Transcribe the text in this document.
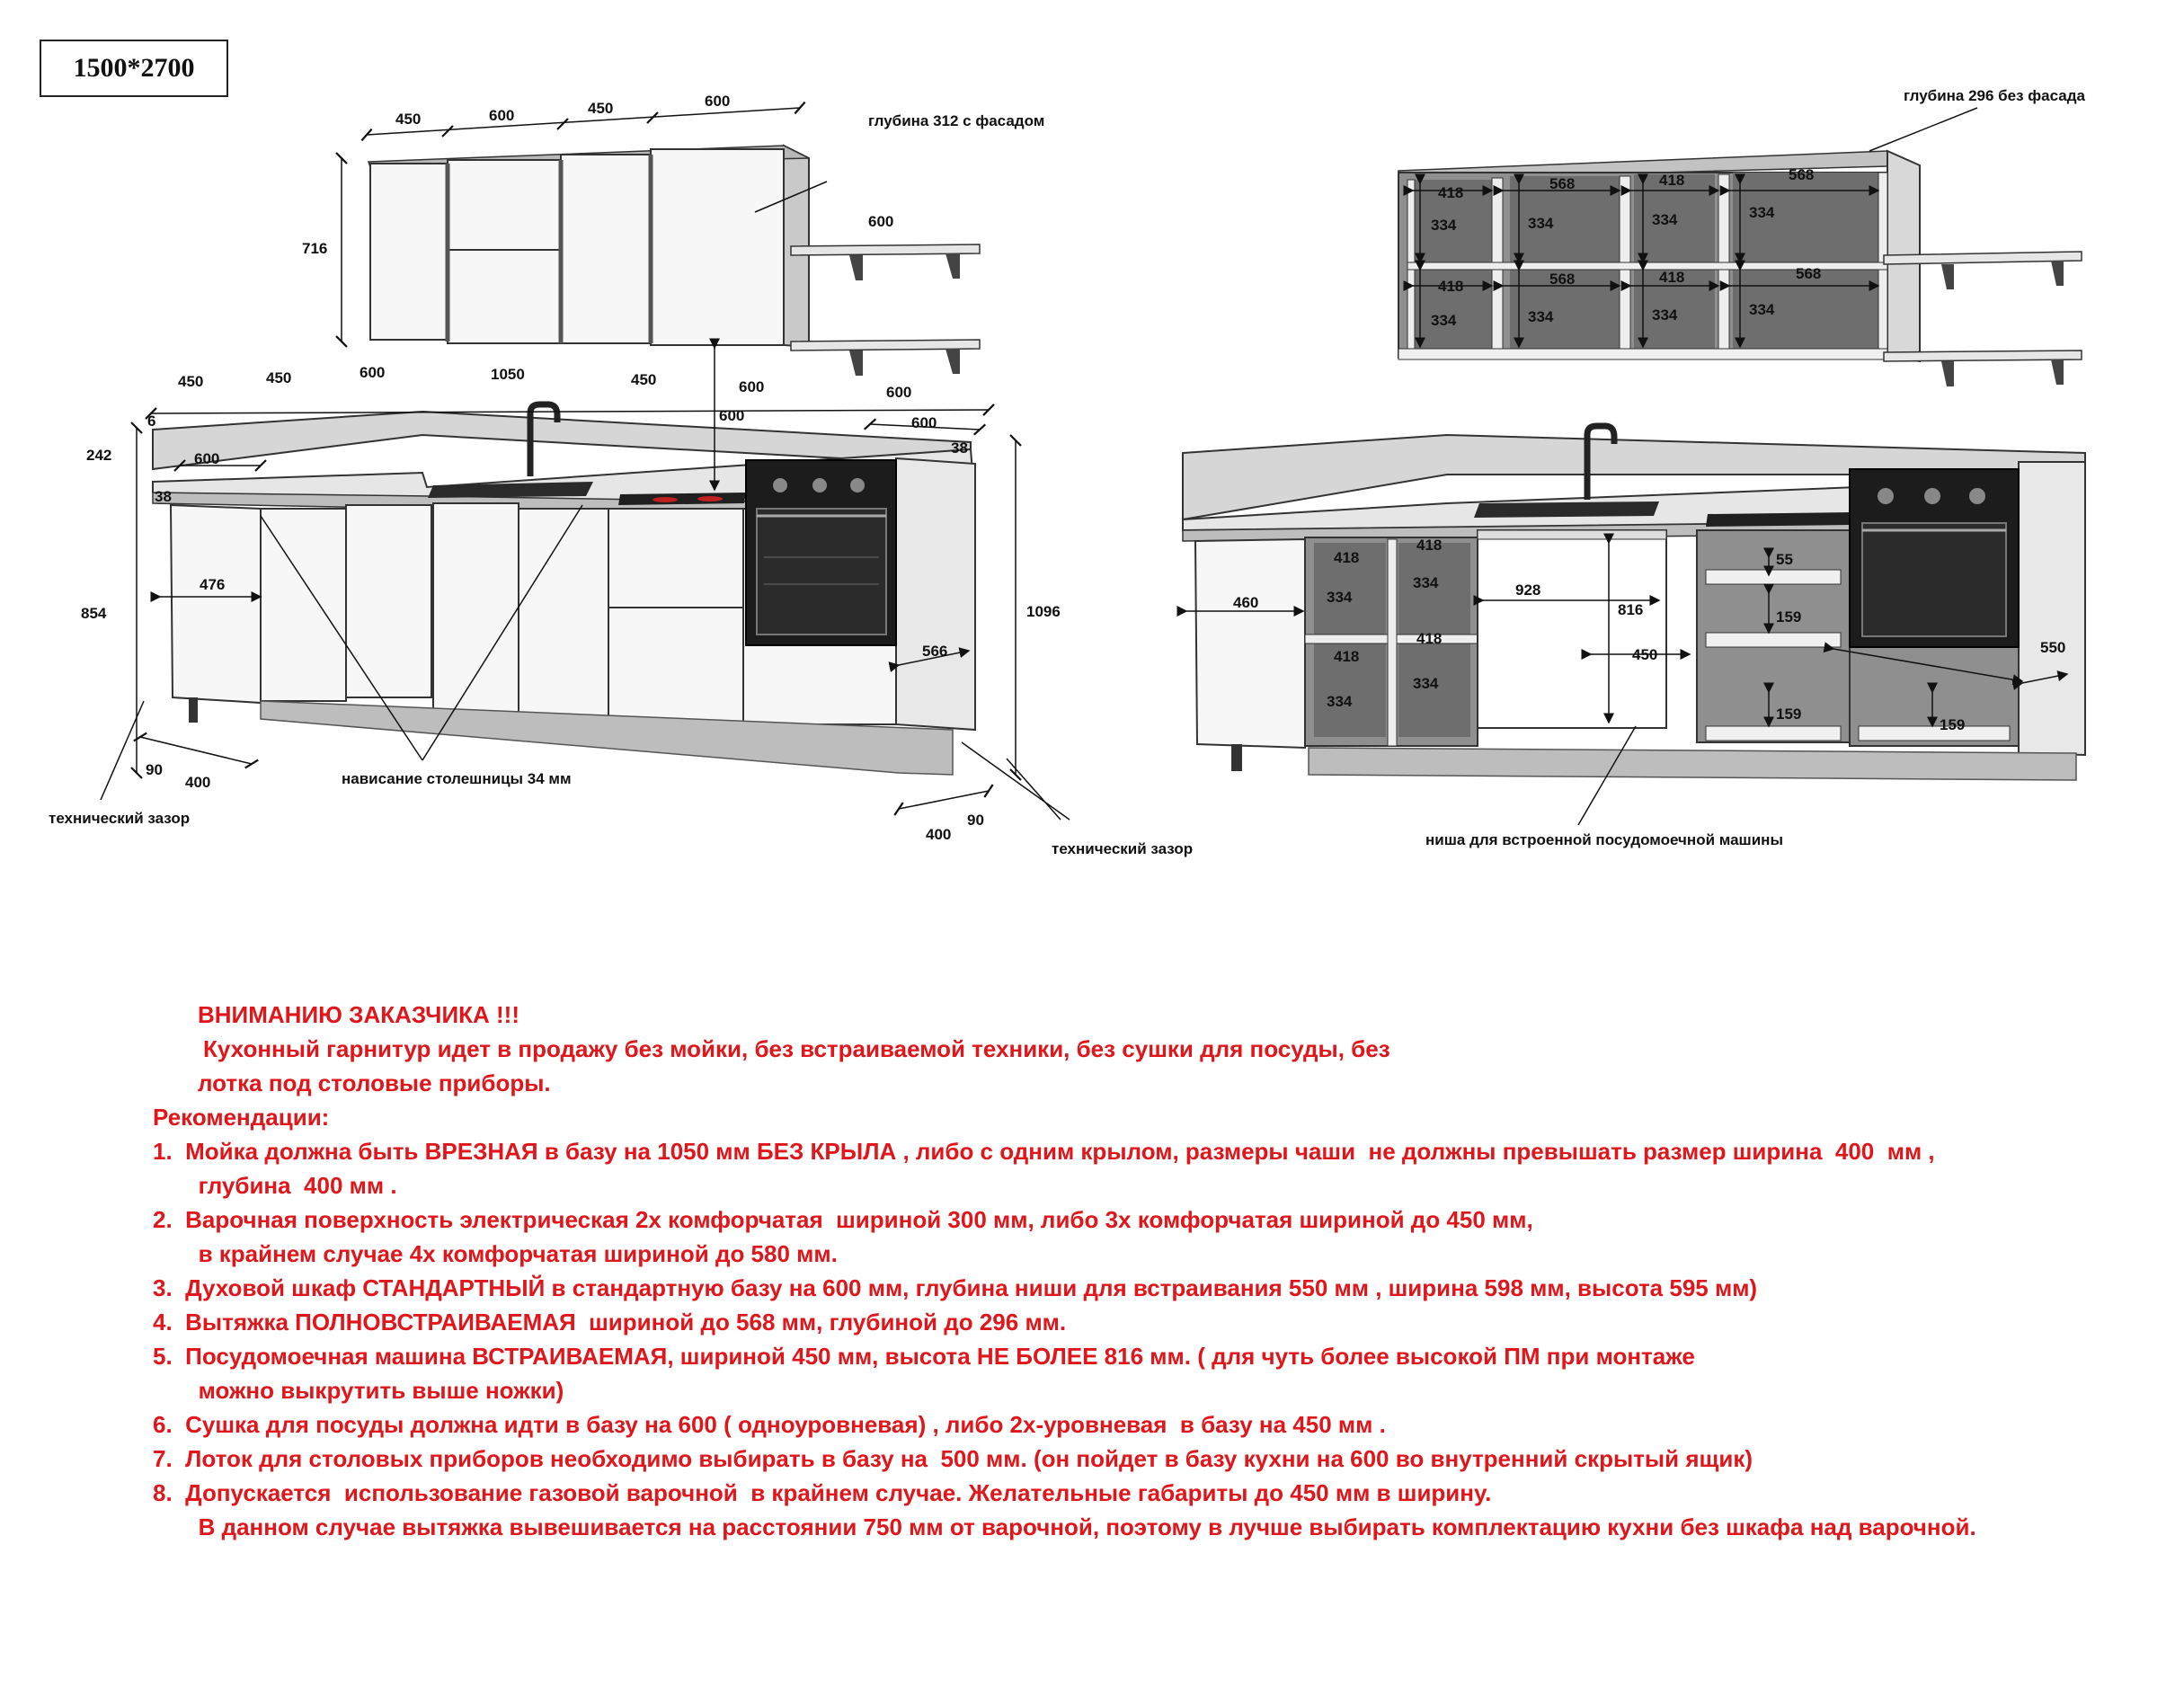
1500*2700
450	600	450	600
716
глубина 312 с фасадом
600
450	450	600	1050	450	600	600
600
600
600
242
6
38
38
854	1096
476
566
90
400
90
400
нависание столешницы 34 мм
технический зазор
технический зазор
глубина 296 без фасада
418
334
418
334
568
334
568
334
418
334
418
334
568
334
568
334
460
418
334
418
334
418
334
418
334
928
816
450
55
159
159
159
550
ниша для встроенной посудомоечной машины
ВНИМАНИЮ ЗАКАЗЧИКА !!!
Кухонный гарнитур идет в продажу без мойки, без встраиваемой техники, без сушки для посуды, без
лотка под столовые приборы.
Рекомендации:
1.  Мойка должна быть ВРЕЗНАЯ в базу на 1050 мм БЕЗ КРЫЛА , либо с одним крылом, размеры чаши  не должны превышать размер ширина  400  мм ,
глубина  400 мм .
2.  Варочная поверхность электрическая 2х комфорчатая  шириной 300 мм, либо 3х комфорчатая шириной до 450 мм,
в крайнем случае 4х комфорчатая шириной до 580 мм.
3.  Духовой шкаф СТАНДАРТНЫЙ в стандартную базу на 600 мм, глубина ниши для встраивания 550 мм , ширина 598 мм, высота 595 мм)
4.  Вытяжка ПОЛНОВСТРАИВАЕМАЯ  шириной до 568 мм, глубиной до 296 мм.
5.  Посудомоечная машина ВСТРАИВАЕМАЯ, шириной 450 мм, высота НЕ БОЛЕЕ 816 мм. ( для чуть более высокой ПМ при монтаже
можно выкрутить выше ножки)
6.  Сушка для посуды должна идти в базу на 600 ( одноуровневая) , либо 2х-уровневая  в базу на 450 мм .
7.  Лоток для столовых приборов необходимо выбирать в базу на  500 мм. (он пойдет в базу кухни на 600 во внутренний скрытый ящик)
8.  Допускается  использование газовой варочной  в крайнем случае. Желательные габариты до 450 мм в ширину.
В данном случае вытяжка вывешивается на расстоянии 750 мм от варочной, поэтому в лучше выбирать комплектацию кухни без шкафа над варочной.
